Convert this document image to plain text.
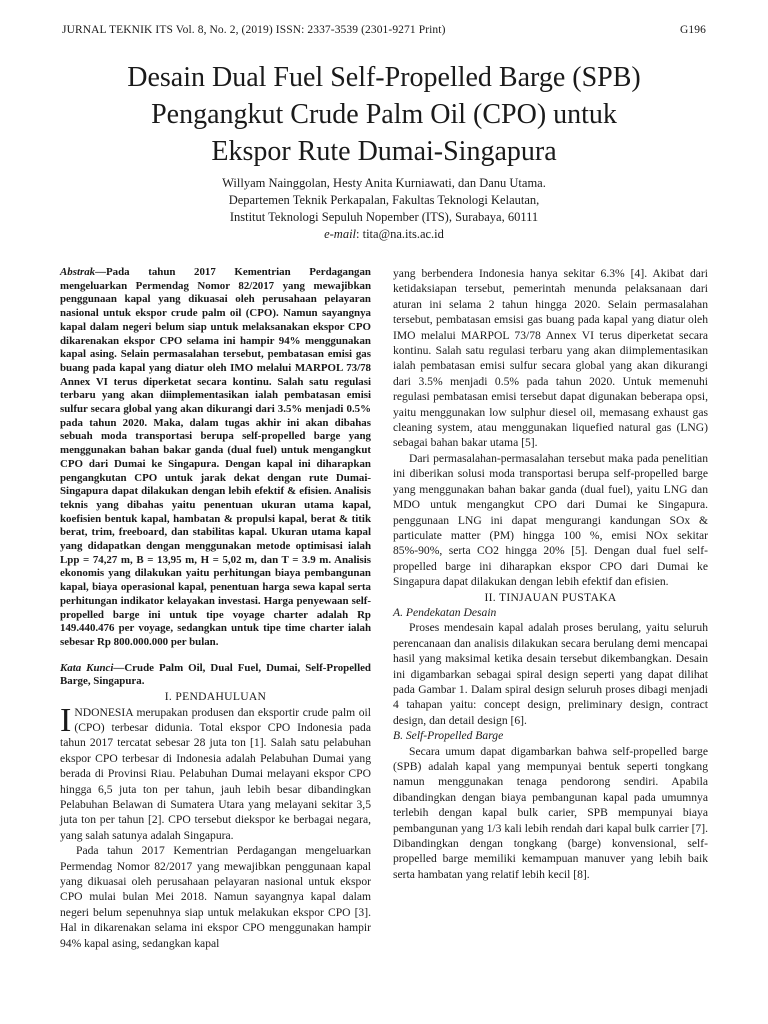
JURNAL TEKNIK ITS Vol. 8, No. 2, (2019) ISSN: 2337-3539 (2301-9271 Print)	G196
Desain Dual Fuel Self-Propelled Barge (SPB)
Pengangkut Crude Palm Oil (CPO) untuk
Ekspor Rute Dumai-Singapura
Willyam Nainggolan, Hesty Anita Kurniawati, dan Danu Utama.
Departemen Teknik Perkapalan, Fakultas Teknologi Kelautan,
Institut Teknologi Sepuluh Nopember (ITS), Surabaya, 60111
e-mail: tita@na.its.ac.id

Abstrak—Pada tahun 2017 Kementrian Perdagangan mengeluarkan Permendag Nomor 82/2017 yang mewajibkan penggunaan kapal yang dikuasai oleh perusahaan pelayaran nasional untuk ekspor crude palm oil (CPO). Namun sayangnya kapal dalam negeri belum siap untuk melaksanakan ekspor CPO dikarenakan ekspor CPO selama ini hampir 94% menggunakan kapal asing. Selain permasalahan tersebut, pembatasan emisi gas buang pada kapal yang diatur oleh IMO melalui MARPOL 73/78 Annex VI terus diperketat secara kontinu. Salah satu regulasi terbaru yang akan diimplementasikan ialah pembatasan emisi sulfur secara global yang akan dikurangi dari 3.5% menjadi 0.5% pada tahun 2020. Maka, dalam tugas akhir ini akan dibahas sebuah moda transportasi berupa self-propelled barge yang menggunakan bahan bakar ganda (dual fuel) untuk mengangkut CPO dari Dumai ke Singapura. Dengan kapal ini diharapkan pengangkutan CPO untuk jarak dekat dengan rute Dumai-Singapura dapat dilakukan dengan lebih efektif & efisien. Analisis teknis yang dibahas yaitu penentuan ukuran utama kapal, koefisien bentuk kapal, hambatan & propulsi kapal, berat & titik berat, trim, freeboard, dan stabilitas kapal. Ukuran utama kapal yang didapatkan dengan menggunakan metode optimisasi ialah Lpp = 74,27 m, B = 13,95 m, H = 5,02 m, dan T = 3.9 m. Analisis ekonomis yang dilakukan yaitu perhitungan biaya pembangunan kapal, biaya operasional kapal, penentuan harga sewa kapal serta perhitungan indikator kelayakan investasi. Harga penyewaan self-propelled barge ini untuk tipe voyage charter adalah Rp 149.440.476 per voyage, sedangkan untuk tipe time charter ialah sebesar Rp 800.000.000 per bulan.

Kata Kunci—Crude Palm Oil, Dual Fuel, Dumai, Self-Propelled Barge, Singapura.

I. PENDAHULUAN

INDONESIA merupakan produsen dan eksportir crude palm oil (CPO) terbesar didunia. Total ekspor CPO Indonesia pada tahun 2017 tercatat sebesar 28 juta ton [1]. Salah satu pelabuhan ekspor CPO terbesar di Indonesia adalah Pelabuhan Dumai yang berada di Provinsi Riau. Pelabuhan Dumai melayani ekspor CPO hingga 6,5 juta ton per tahun, jauh lebih besar dibandingkan Pelabuhan Belawan di Sumatera Utara yang melayani sekitar 3,5 juta ton per tahun [2]. CPO tersebut diekspor ke berbagai negara, yang salah satunya adalah Singapura.

Pada tahun 2017 Kementrian Perdagangan mengeluarkan Permendag Nomor 82/2017 yang mewajibkan penggunaan kapal yang dikuasai oleh perusahaan pelayaran nasional untuk ekspor CPO mulai bulan Mei 2018. Namun sayangnya kapal dalam negeri belum sepenuhnya siap untuk melakukan ekspor CPO [3]. Hal in dikarenakan selama ini ekspor CPO menggunakan hampir 94% kapal asing, sedangkan kapal

yang berbendera Indonesia hanya sekitar 6.3% [4]. Akibat dari ketidaksiapan tersebut, pemerintah menunda pelaksanaan dari aturan ini selama 2 tahun hingga 2020. Selain permasalahan tersebut, pembatasan emsisi gas buang pada kapal yang diatur oleh IMO melalui MARPOL 73/78 Annex VI terus diperketat secara kontinu. Salah satu regulasi terbaru yang akan diimplementasikan ialah pembatasan emisi sulfur secara global yang akan dikurangi dari 3.5% menjadi 0.5% pada tahun 2020. Untuk memenuhi regulasi pembatasan emisi tersebut dapat digunakan beberapa opsi, yaitu menggunakan low sulphur diesel oil, memasang exhaust gas cleaning system, atau menggunakan liquefied natural gas (LNG) sebagai bahan bakar utama [5].

Dari permasalahan-permasalahan tersebut maka pada penelitian ini diberikan solusi moda transportasi berupa self-propelled barge yang menggunakan bahan bakar ganda (dual fuel), yaitu LNG dan MDO untuk mengangkut CPO dari Dumai ke Singapura. penggunaan LNG ini dapat mengurangi kandungan SOx & particulate matter (PM) hingga 100 %, emisi NOx sekitar 85%-90%, serta CO2 hingga 20% [5]. Dengan dual fuel self-propelled barge ini diharapkan ekspor CPO dari Dumai ke Singapura dapat dilakukan dengan lebih efektif dan efisien.

II. TINJAUAN PUSTAKA

A. Pendekatan Desain

Proses mendesain kapal adalah proses berulang, yaitu seluruh perencanaan dan analisis dilakukan secara berulang demi mencapai hasil yang maksimal ketika desain tersebut dikembangkan. Desain ini digambarkan sebagai spiral design seperti yang dapat dilihat pada Gambar 1. Dalam spiral design seluruh proses dibagi menjadi 4 tahapan yaitu: concept design, preliminary design, contract design, dan detail design [6].

B. Self-Propelled Barge

Secara umum dapat digambarkan bahwa self-propelled barge (SPB) adalah kapal yang mempunyai bentuk seperti tongkang namun menggunakan tenaga pendorong sendiri. Apabila dibandingkan dengan biaya pembangunan kapal pada umumnya terlebih dengan kapal bulk carier, SPB mempunyai biaya pembangunan yang 1/3 kali lebih rendah dari kapal bulk carrier [7]. Dibandingkan dengan tongkang (barge) konvensional, self-propelled barge memiliki kemampuan manuver yang lebih baik serta hambatan yang relatif lebih kecil [8].
